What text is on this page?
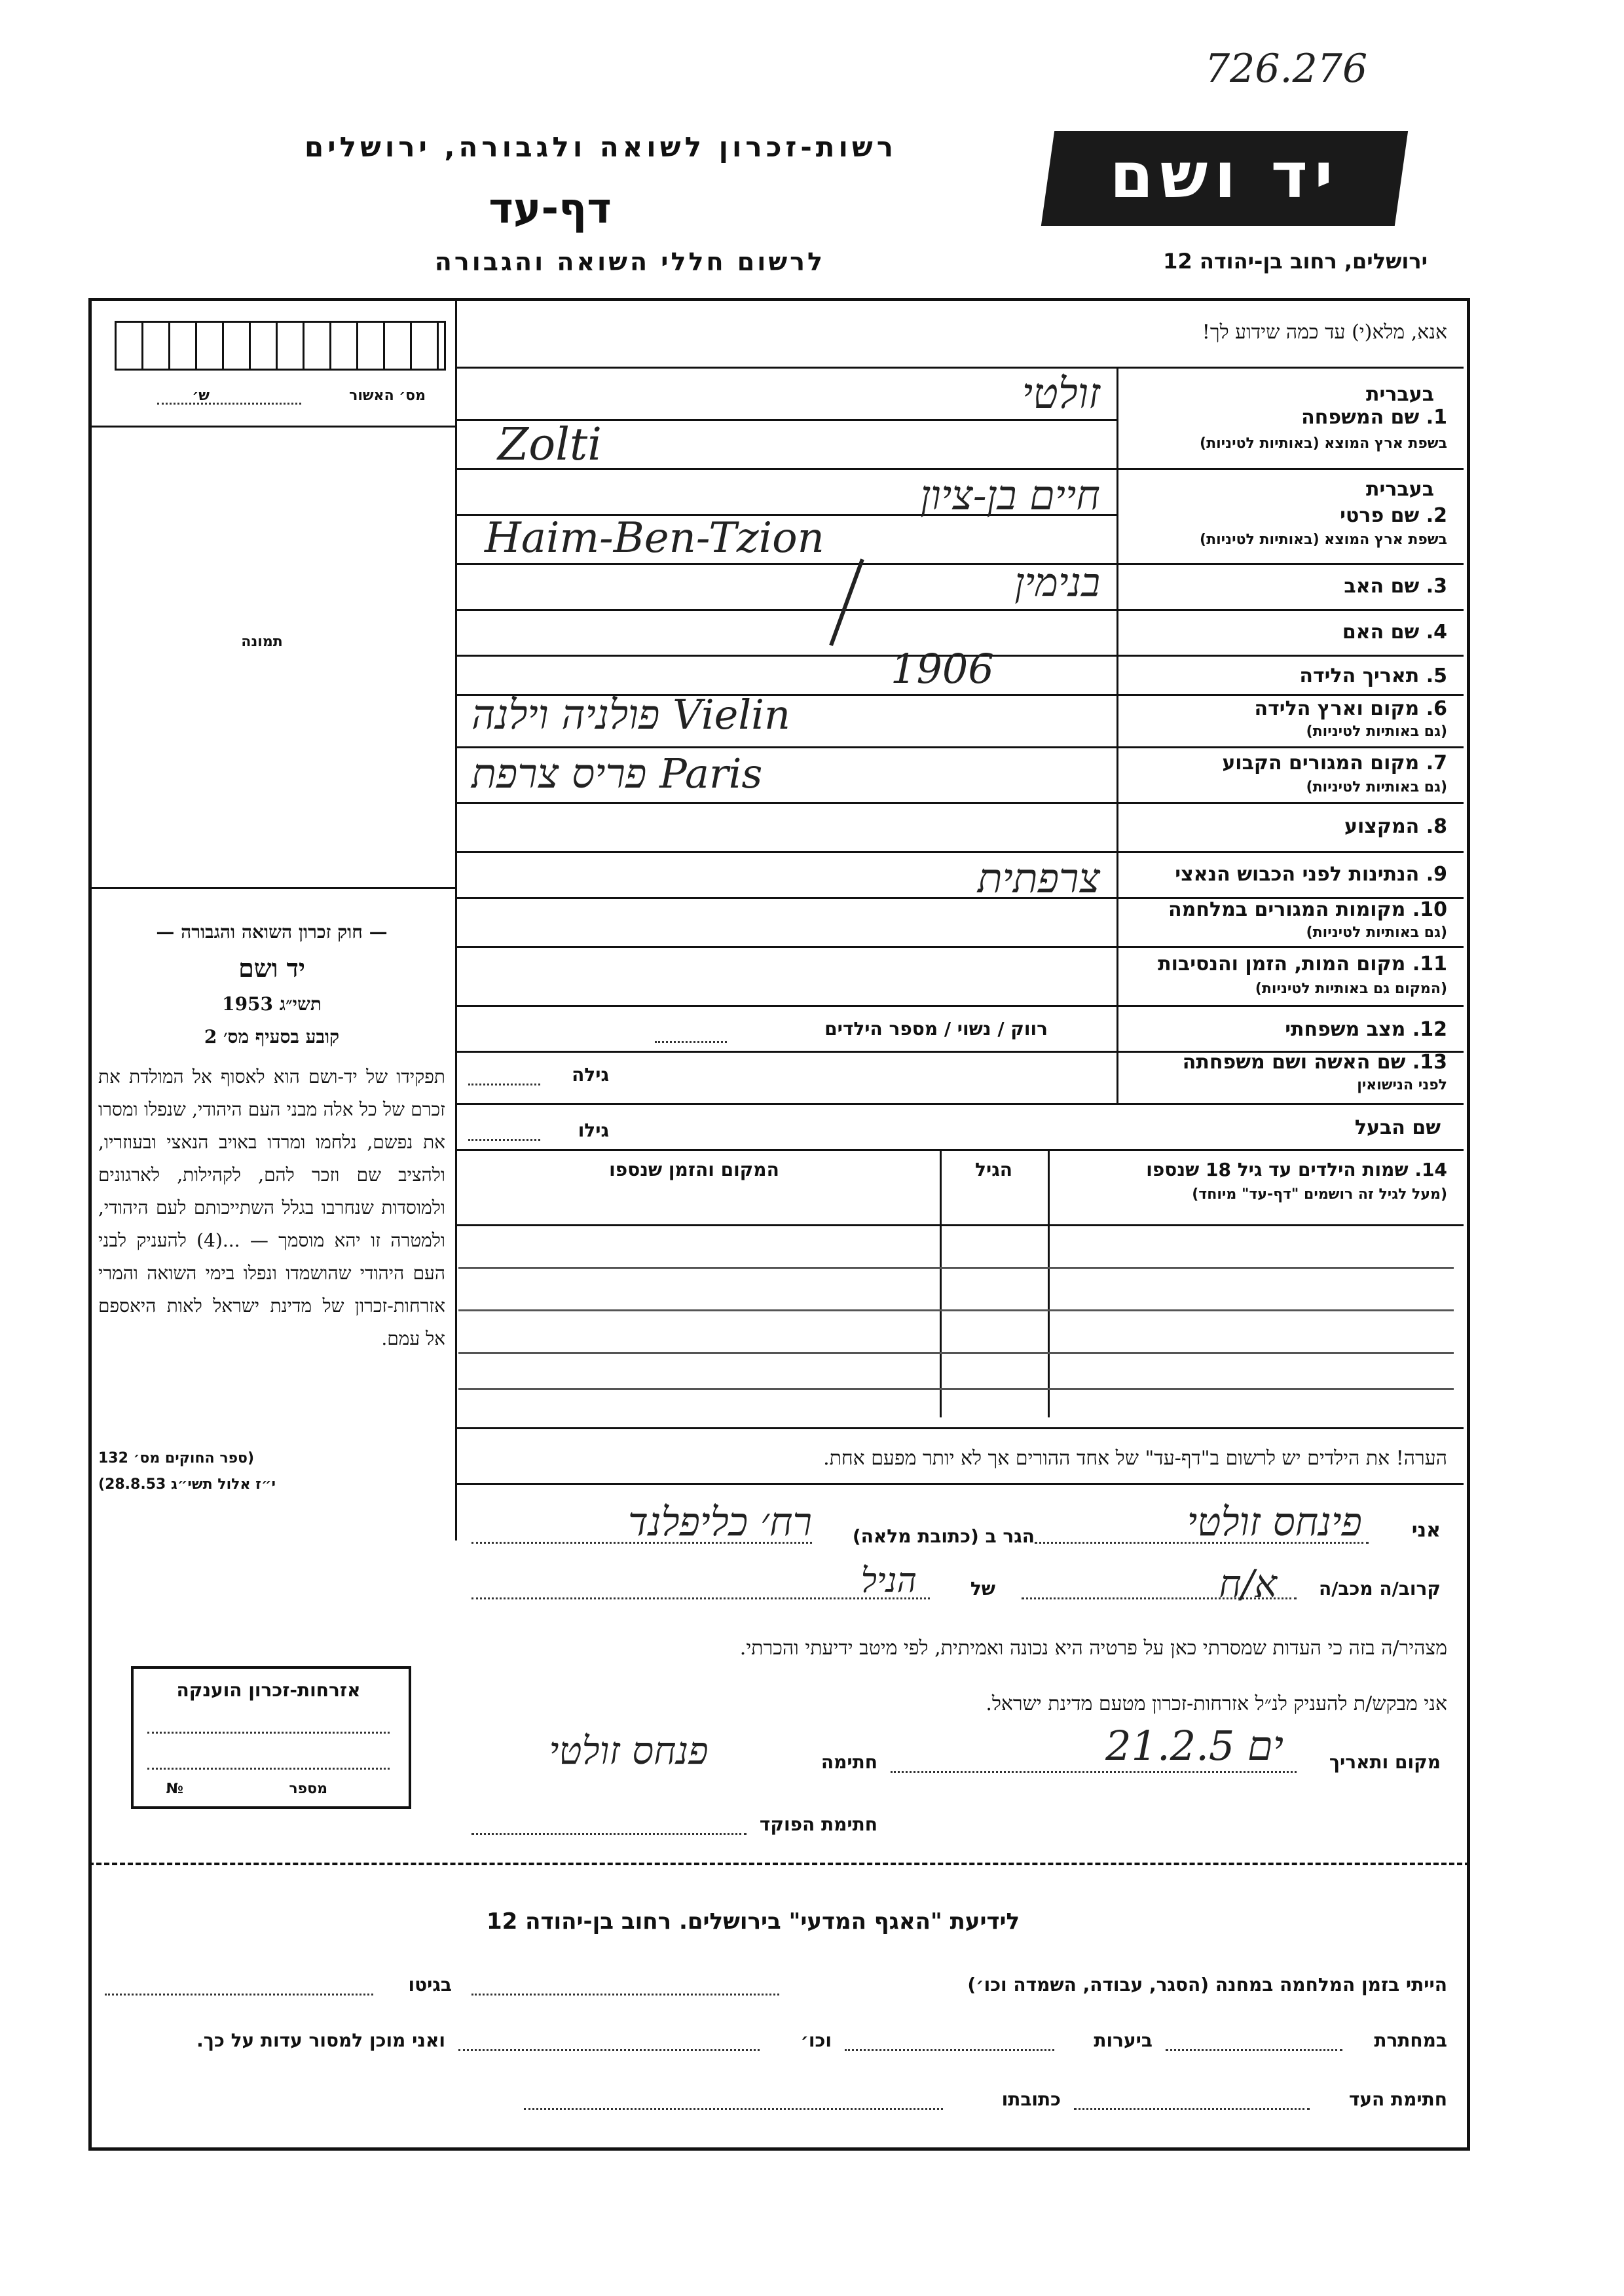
726.276
רשות-זכרון לשואה ולגבורה, ירושלים
דף-עד
לרשום חללי השואה והגבורה
יד ושם
ירושלים, רחוב בן-יהודה 12
ש׳	מס׳ האשור
תמונה
— חוק זכרון השואה והגבורה —
יד ושם
תשי״ג 1953
קובע בסעיף מס׳ 2
תפקידו של יד-ושם הוא לאסוף אל המולדת את זכרם של כל אלה מבני העם היהודי, שנפלו ומסרו את נפשם, נלחמו ומרדו באויב הנאצי ובעוזריו, ולהציב שם וזכר להם, לקהילות, לארגונים ולמוסדות שנחרבו בגלל השתייכותם לעם היהודי, ולמטרה זו יהא מוסמך — ...(4) להעניק לבני העם היהודי שהושמדו ונפלו בימי השואה והמרי אזרחות-זכרון של מדינת ישראל לאות היאספם אל עמם.
(ספר החוקים מס׳ 132
י״ז אלול תשי״ג 28.8.53)
אנא, מלא(י) עד כמה שידוע לך!
בעברית
1. שם המשפחה
בשפת ארץ המוצא (באותיות לטיניות)
בעברית
2. שם פרטי
בשפת ארץ המוצא (באותיות לטיניות)
3. שם האב
4. שם האם
5. תאריך הלידה
6. מקום וארץ הלידה
(גם באותיות לטיניות)
7. מקום המגורים הקבוע
(גם באותיות לטיניות)
8. המקצוע
9. הנתינות לפני הכבוש הנאצי
10. מקומות המגורים במלחמה
(גם באותיות לטיניות)
11. מקום המות, הזמן והנסיבות
(המקום גם באותיות לטיניות)
12. מצב משפחתי
13. שם האשה ושם משפחתה
לפני הנישואין
זולטי
Zolti
חיים בן-ציון
Haim-Ben-Tzion
בנימין
1906
פולניה וילנה Vielin
פריס צרפת Paris
צרפתית
רווק / נשוי / מספר הילדים
גילה
שם הבעל
גילו
14. שמות הילדים עד גיל 18 שנספו
(מעל לגיל זה רושמים "דף-עד" מיוחד)
הגיל
המקום והזמן שנספו
הערה! את הילדים יש לרשום ב"דף-עד" של אחד ההורים אך לא יותר מפעם אחת.
אני
פינחס זולטי
הגר ב (כתובת מלאה)
רח׳ כליפלנד
קרוב/ה מכב/ה
א/ח
של
הניל
מצהיר/ה בזה כי העדות שמסרתי כאן על פרטיה היא נכונה ואמיתית, לפי מיטב ידיעתי והכרתי.
אני מבקש/ת להעניק לנ״ל אזרחות-זכרון מטעם מדינת ישראל.
מקום ותאריך
ים 21.2.5
חתימה
פנחס זולטי
חתימת הפוקד
אזרחות-זכרון הוענקה
מספר
№
לידיעת "האגף המדעי" בירושלים. רחוב בן-יהודה 12
הייתי בזמן המלחמה במחנה (הסגר, עבודה, השמדה וכו׳)
בגיטו
במחתרת
ביערות
וכו׳
ואני מוכן למסור עדות על כך.
חתימת העד
כתובתו
